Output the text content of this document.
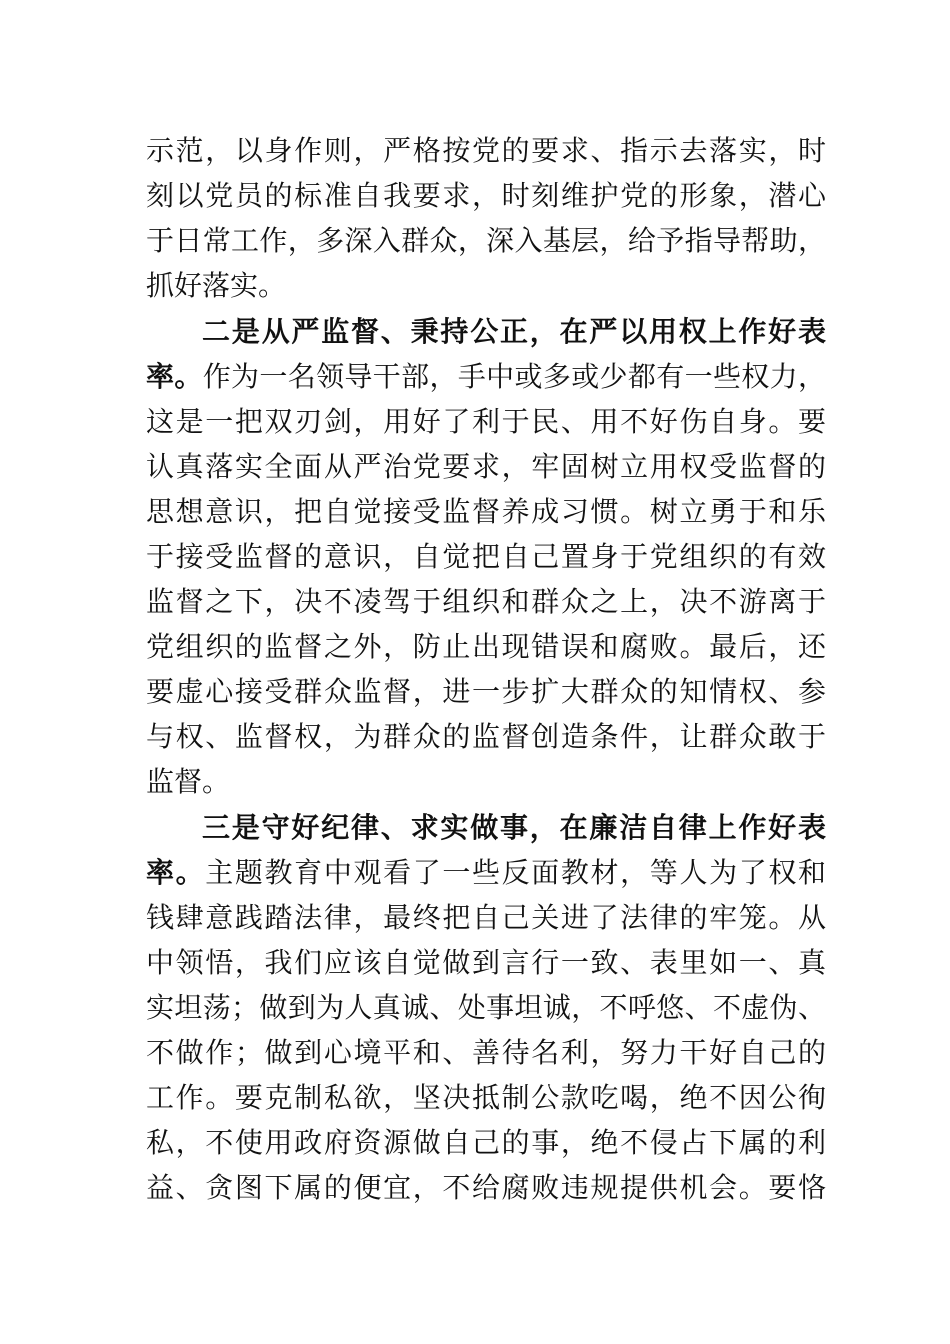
示范，以身作则，严格按党的要求、指示去落实，时
刻以党员的标准自我要求，时刻维护党的形象，潜心
于日常工作，多深入群众，深入基层，给予指导帮助，
抓好落实。
二是从严监督、秉持公正，在严以用权上作好表
率。作为一名领导干部，手中或多或少都有一些权力，
这是一把双刃剑，用好了利于民、用不好伤自身。要
认真落实全面从严治党要求，牢固树立用权受监督的
思想意识，把自觉接受监督养成习惯。树立勇于和乐
于接受监督的意识，自觉把自己置身于党组织的有效
监督之下，决不凌驾于组织和群众之上，决不游离于
党组织的监督之外，防止出现错误和腐败。最后，还
要虚心接受群众监督，进一步扩大群众的知情权、参
与权、监督权，为群众的监督创造条件，让群众敢于
监督。
三是守好纪律、求实做事，在廉洁自律上作好表
率。主题教育中观看了一些反面教材，等人为了权和
钱肆意践踏法律，最终把自己关进了法律的牢笼。从
中领悟，我们应该自觉做到言行一致、表里如一、真
实坦荡；做到为人真诚、处事坦诚，不呼悠、不虚伪、
不做作；做到心境平和、善待名利，努力干好自己的
工作。要克制私欲，坚决抵制公款吃喝，绝不因公徇
私，不使用政府资源做自己的事，绝不侵占下属的利
益、贪图下属的便宜，不给腐败违规提供机会。要恪
